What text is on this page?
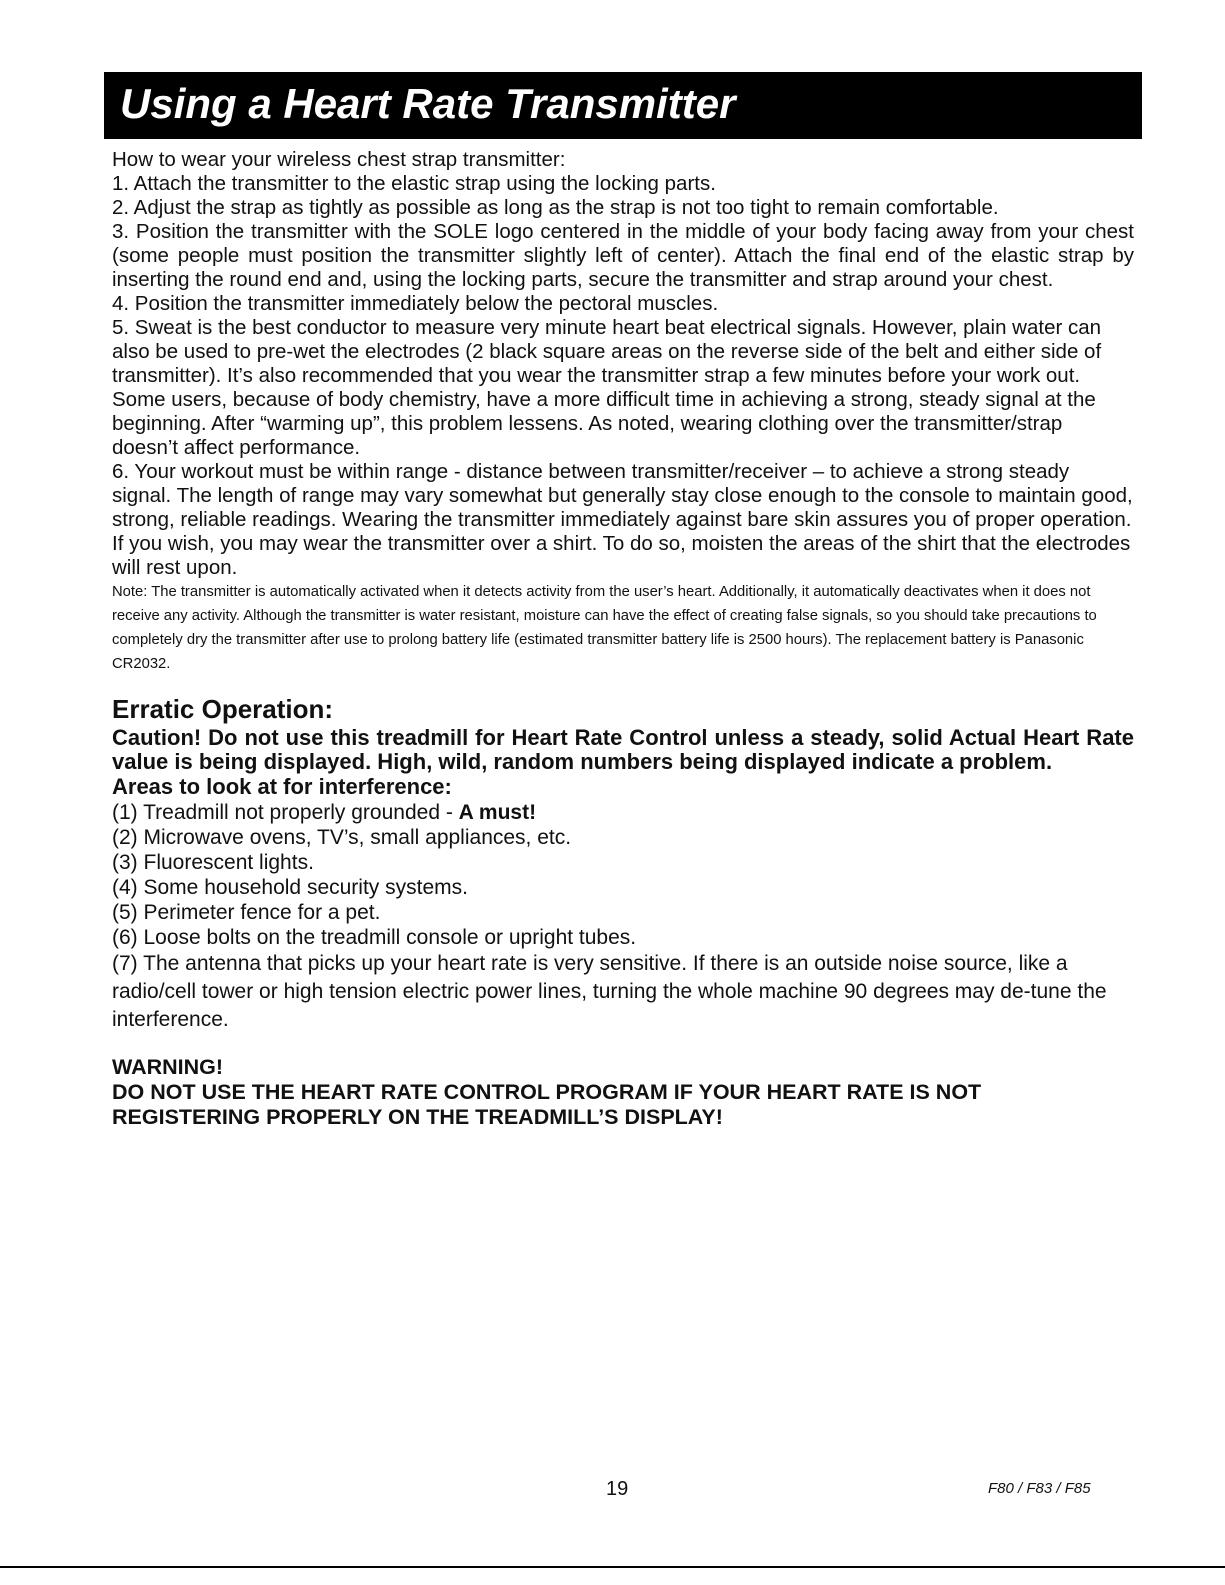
Using a Heart Rate Transmitter

How to wear your wireless chest strap transmitter:

1. Attach the transmitter to the elastic strap using the locking parts.

2. Adjust the strap as tightly as possible as long as the strap is not too tight to remain comfortable.

3. Position the transmitter with the SOLE logo centered in the middle of your body facing away from your chest (some people must position the transmitter slightly left of center). Attach the final end of the elastic strap by inserting the round end and, using the locking parts, secure the transmitter and strap around your chest.

4. Position the transmitter immediately below the pectoral muscles.

5. Sweat is the best conductor to measure very minute heart beat electrical signals. However, plain water can also be used to pre-wet the electrodes (2 black square areas on the reverse side of the belt and either side of transmitter). It’s also recommended that you wear the transmitter strap a few minutes before your work out. Some users, because of body chemistry, have a more difficult time in achieving a strong, steady signal at the beginning. After “warming up”, this problem lessens. As noted, wearing clothing over the transmitter/strap doesn’t affect performance.

6. Your workout must be within range - distance between transmitter/receiver – to achieve a strong steady signal. The length of range may vary somewhat but generally stay close enough to the console to maintain good, strong, reliable readings. Wearing the transmitter immediately against bare skin assures you of proper operation. If you wish, you may wear the transmitter over a shirt. To do so, moisten the areas of the shirt that the electrodes will rest upon.

Note: The transmitter is automatically activated when it detects activity from the user’s heart. Additionally, it automatically deactivates when it does not receive any activity. Although the transmitter is water resistant, moisture can have the effect of creating false signals, so you should take precautions to completely dry the transmitter after use to prolong battery life (estimated transmitter battery life is 2500 hours). The replacement battery is Panasonic CR2032.

Erratic Operation:

Caution! Do not use this treadmill for Heart Rate Control unless a steady, solid Actual Heart Rate value is being displayed. High, wild, random numbers being displayed indicate a problem.

Areas to look at for interference:

(1) Treadmill not properly grounded - A must!

(2) Microwave ovens, TV’s, small appliances, etc.

(3) Fluorescent lights.

(4) Some household security systems.

(5) Perimeter fence for a pet.

(6) Loose bolts on the treadmill console or upright tubes.

(7) The antenna that picks up your heart rate is very sensitive. If there is an outside noise source, like a radio/cell tower or high tension electric power lines, turning the whole machine 90 degrees may de-tune the interference.

WARNING!

DO NOT USE THE HEART RATE CONTROL PROGRAM IF YOUR HEART RATE IS NOT REGISTERING PROPERLY ON THE TREADMILL’S DISPLAY!

19	F80 / F83 / F85
